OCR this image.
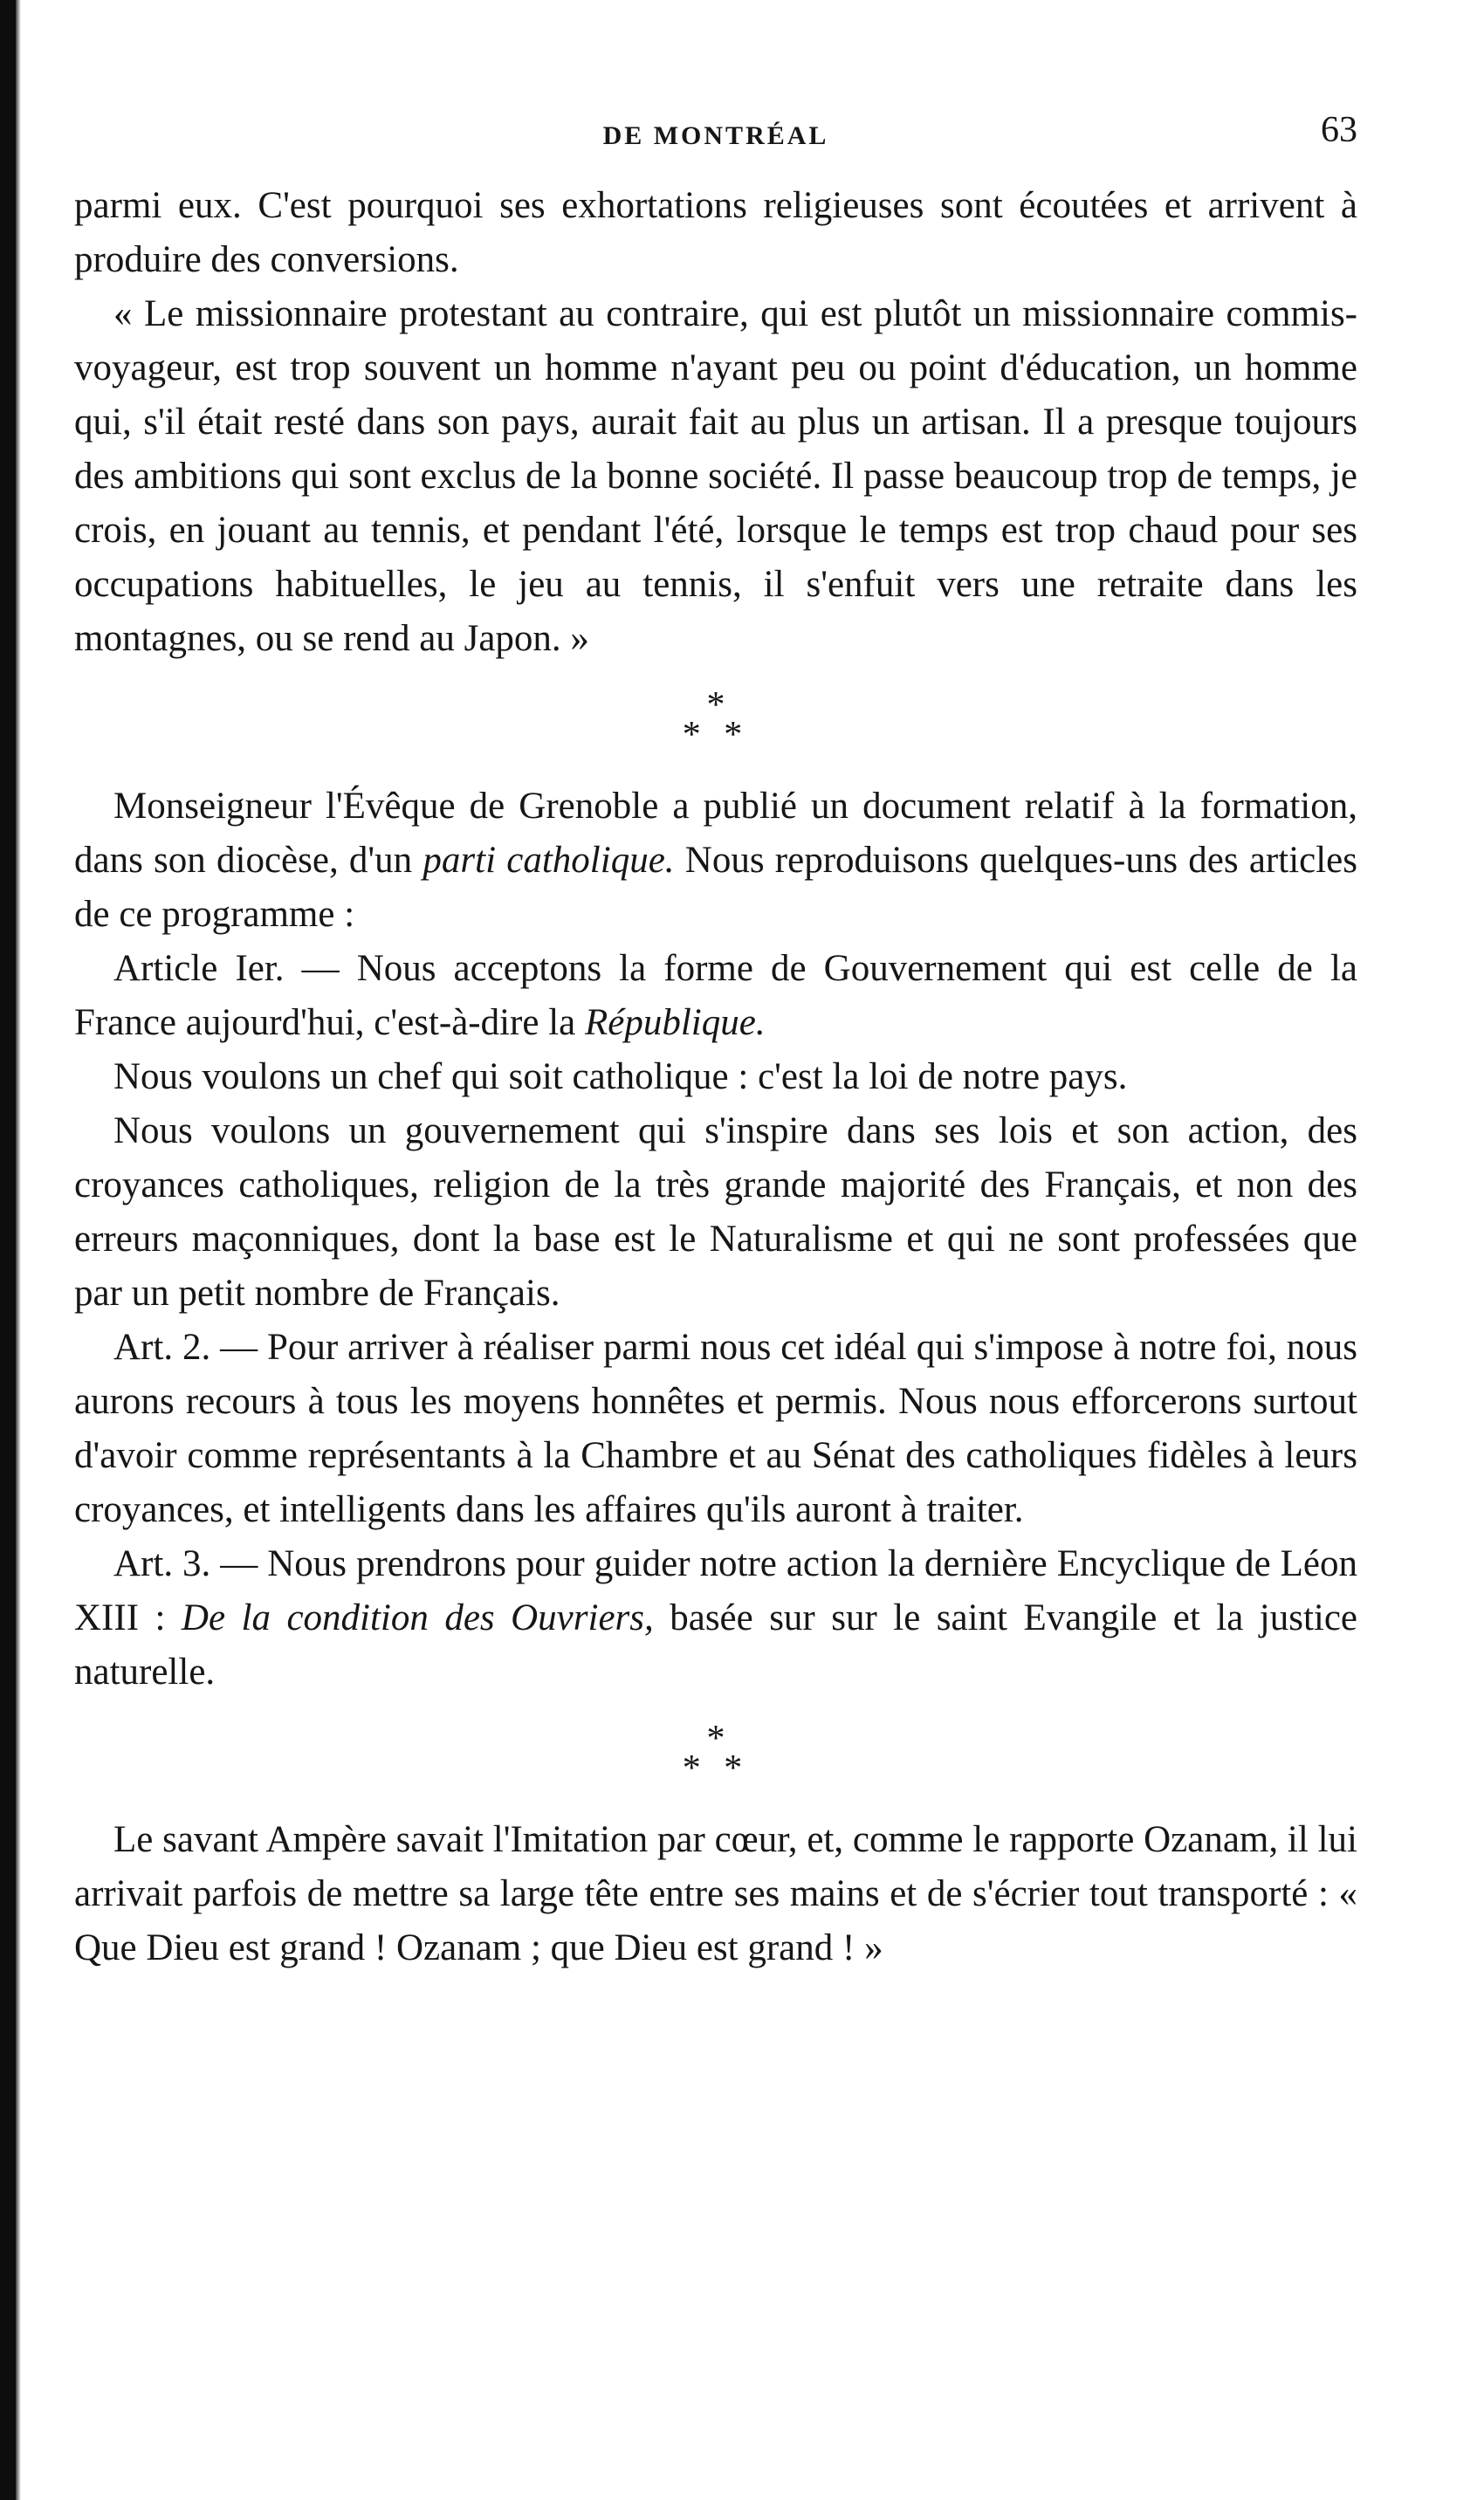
DE MONTRÉAL	63

parmi eux. C'est pourquoi ses exhortations religieuses sont écoutées et arrivent à produire des conversions.

« Le missionnaire protestant au contraire, qui est plutôt un missionnaire commis-voyageur, est trop souvent un homme n'ayant peu ou point d'éducation, un homme qui, s'il était resté dans son pays, aurait fait au plus un artisan. Il a presque toujours des ambitions qui sont exclus de la bonne société. Il passe beaucoup trop de temps, je crois, en jouant au tennis, et pendant l'été, lorsque le temps est trop chaud pour ses occupations habituelles, le jeu au tennis, il s'enfuit vers une retraite dans les montagnes, ou se rend au Japon. »

*
* *

Monseigneur l'Évêque de Grenoble a publié un document relatif à la formation, dans son diocèse, d'un parti catholique. Nous reproduisons quelques-uns des articles de ce programme :

Article Ier. — Nous acceptons la forme de Gouvernement qui est celle de la France aujourd'hui, c'est-à-dire la République.

Nous voulons un chef qui soit catholique : c'est la loi de notre pays.

Nous voulons un gouvernement qui s'inspire dans ses lois et son action, des croyances catholiques, religion de la très grande majorité des Français, et non des erreurs maçonniques, dont la base est le Naturalisme et qui ne sont professées que par un petit nombre de Français.

Art. 2. — Pour arriver à réaliser parmi nous cet idéal qui s'impose à notre foi, nous aurons recours à tous les moyens honnêtes et permis. Nous nous efforcerons surtout d'avoir comme représentants à la Chambre et au Sénat des catholiques fidèles à leurs croyances, et intelligents dans les affaires qu'ils auront à traiter.

Art. 3. — Nous prendrons pour guider notre action la dernière Encyclique de Léon XIII : De la condition des Ouvriers, basée sur sur le saint Evangile et la justice naturelle.

*
* *

Le savant Ampère savait l'Imitation par cœur, et, comme le rapporte Ozanam, il lui arrivait parfois de mettre sa large tête entre ses mains et de s'écrier tout transporté : « Que Dieu est grand ! Ozanam ; que Dieu est grand ! »
